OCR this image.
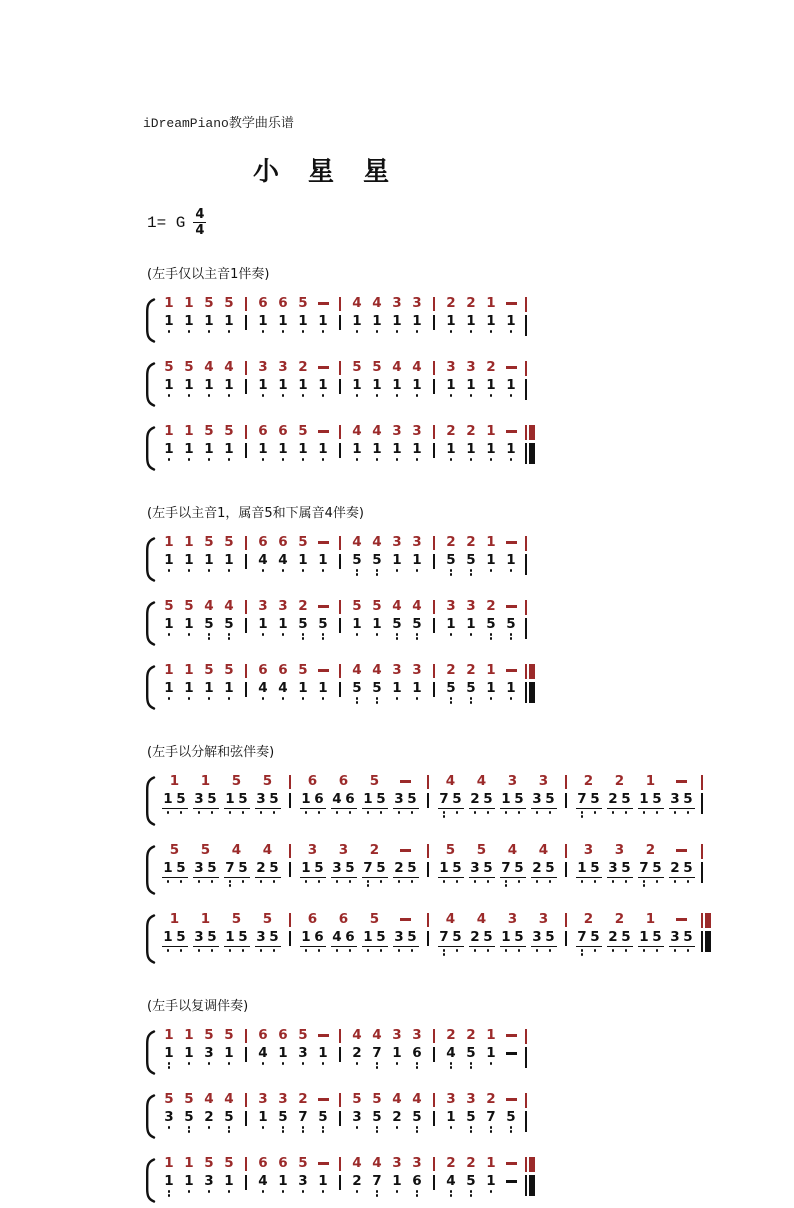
iDreamPiano教学曲乐谱
小 星 星
1= G $\frac{4}{4}$
(左手仅以主音1伴奏)
1 1 5 5 6 6 5	4 4 3 3 2 2 1
1 1 1 1 1 1 1 1 1 1 1 1 1 1 1 1
5 5 4 4 3 3 2	5 5 4 4 3 3 2
1 1 1 1 1 1 1 1 1 1 1 1 1 1 1 1
1 1 5 5 6 6 5	4 4 3 3 2 2 1
1 1 1 1 1 1 1 1 1 1 1 1 1 1 1 1
(左手以主音1，属音5和下属音4伴奏)
1 1 5 5 6 6 5	4 4 3 3 2 2 1
1 1 1 1 4 4 1 1 5 5 1 1 5 5 1 1
5 5 4 4 3 3 2	5 5 4 4 3 3 2
1 1 5 5 1 1 5 5 1 1 5 5 1 1 5 5
1 1 5 5 6 6 5	4 4 3 3 2 2 1
1 1 1 1 4 4 1 1 5 5 1 1 5 5 1 1
(左手以分解和弦伴奏)
1 1 5 5	6 6 5	4 4 3 3	2 2 1
1 5 3 5 1 5 3 5 1 6 4 6 1 5 3 5 7 5 2 5 1 5 3 5 7 5 2 5 1 5 3 5
5 5 4 4	3 3 2	5 5 4 4	3 3 2
1 5 3 5 7 5 2 5 1 5 3 5 7 5 2 5 1 5 3 5 7 5 2 5 1 5 3 5 7 5 2 5
1 1 5 5	6 6 5	4 4 3 3	2 2 1
1 5 3 5 1 5 3 5 1 6 4 6 1 5 3 5 7 5 2 5 1 5 3 5 7 5 2 5 1 5 3 5
(左手以复调伴奏)
1 1 5 5 6 6 5	4 4 3 3 2 2 1
1 1 3 1 4 1 3 1 2 7 1 6 4 5 1
5 5 4 4 3 3 2	5 5 4 4 3 3 2
3 5 2 5 1 5 7 5 3 5 2 5 1 5 7 5
1 1 5 5 6 6 5	4 4 3 3 2 2 1
1 1 3 1 4 1 3 1 2 7 1 6 4 5 1
